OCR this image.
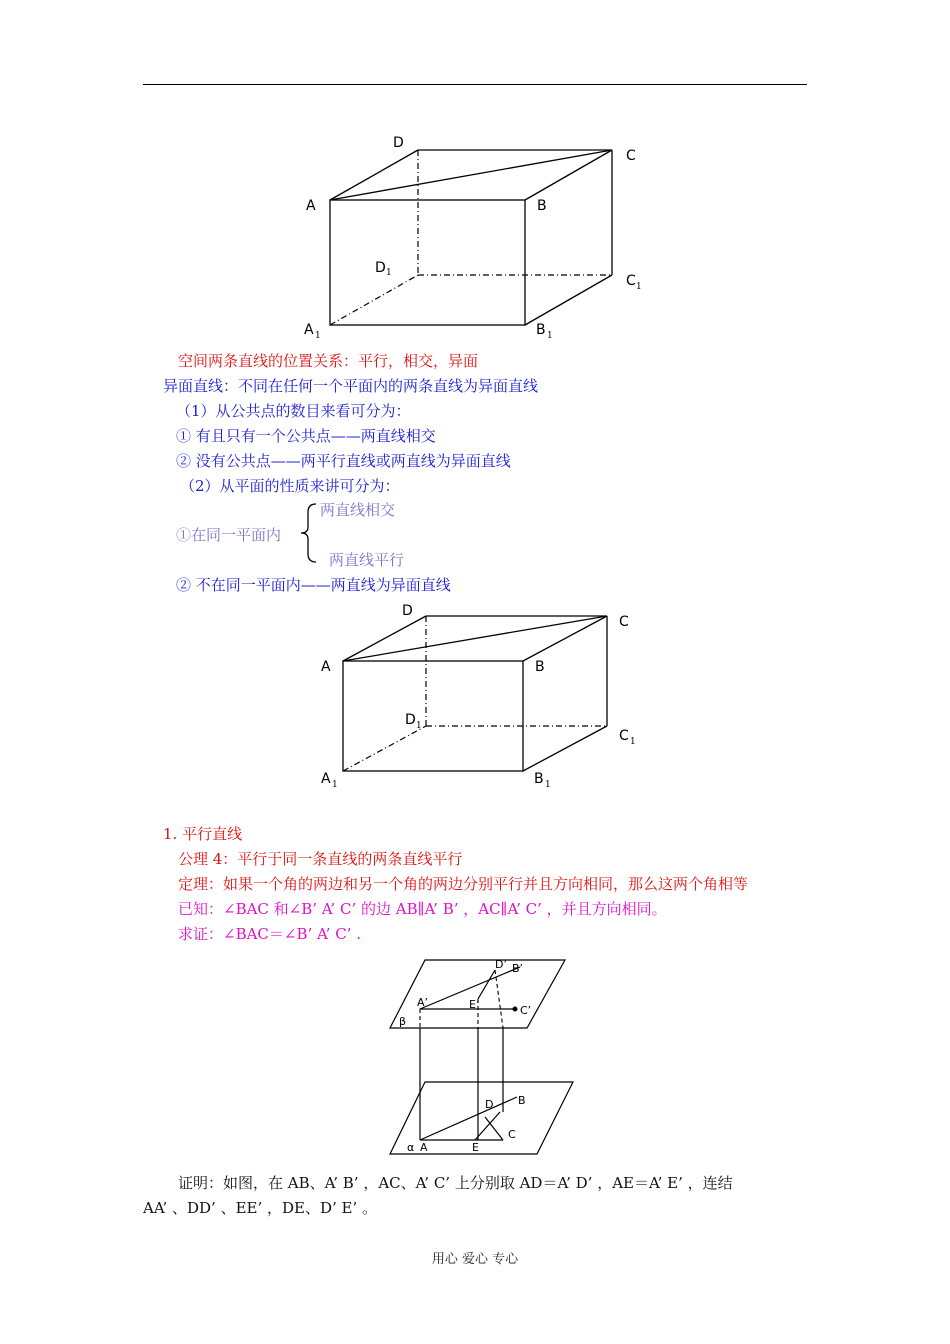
D
C
A	B
D 1	C 1
A 1	B 1
空间两条直线的位置关系：平行，相交，异面
异面直线：不同在任何一个平面内的两条直线为异面直线
（1）从公共点的数目来看可分为：
① 有且只有一个公共点——两直线相交
② 没有公共点——两平行直线或两直线为异面直线
（2）从平面的性质来讲可分为：
两直线相交
①在同一平面内
两直线平行
② 不在同一平面内——两直线为异面直线
D
C
A	B
D 1
C 1
A 1	B 1
1. 平行直线
公理 4：平行于同一条直线的两条直线平行
定理：如果一个角的两边和另一个角的两边分别平行并且方向相同，那么这两个角相等
已知：∠BAC 和∠B’ A’ C’ 的边 AB∥A’ B’ ，AC∥A’ C’ ，并且方向相同。
求证：∠BAC＝∠B’ A’ C’ .
D’ B’
A’	E’	C’
β
D B
C
α A	E
证明：如图，在 AB、A’ B’ ，AC、A’ C’ 上分别取 AD＝A’ D’ ，AE＝A’ E’ ，连结
AA’ 、DD’ 、EE’ ，DE、D’ E’ 。
用心 爱心 专心
